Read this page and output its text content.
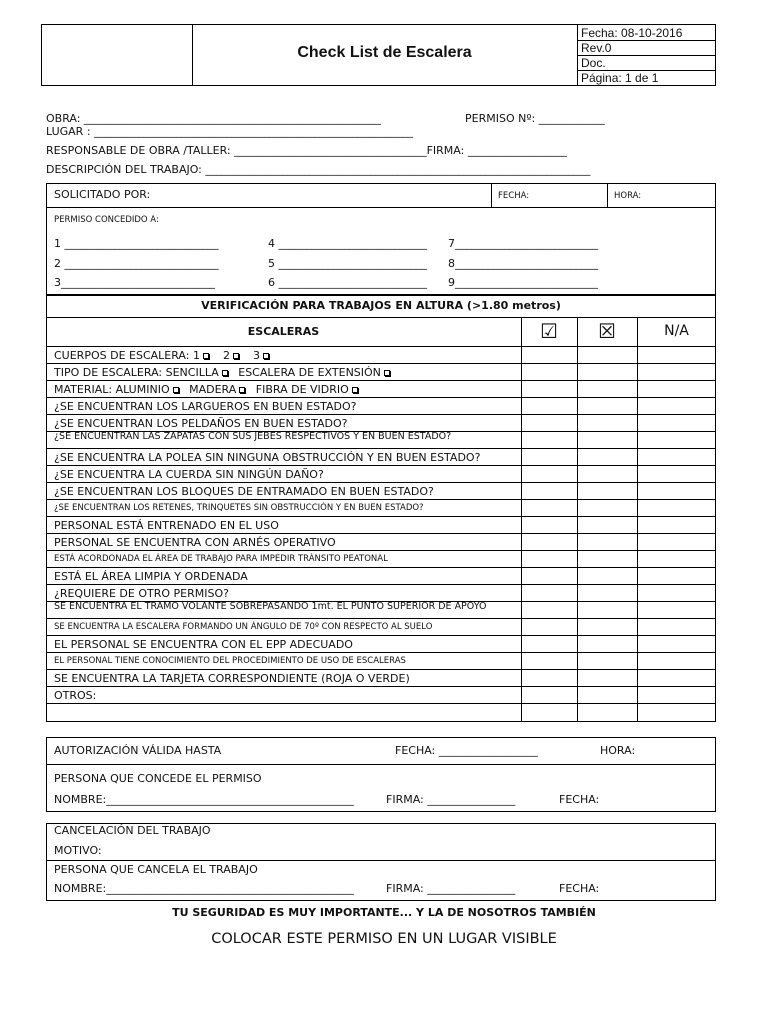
Check List de Escalera
Fecha: 08-10-2016
Rev.0
Doc.
Página: 1 de 1
OBRA: ______________________________________________________	PERMISO Nº: ____________
LUGAR : __________________________________________________________
RESPONSABLE DE OBRA /TALLER: ___________________________________FIRMA: __________________
DESCRIPCIÓN DEL TRABAJO: ______________________________________________________________________
SOLICITADO POR:	FECHA:	HORA:
PERMISO CONCEDIDO A:
1 ____________________________	4 ___________________________ 7__________________________
2 ____________________________	5 ___________________________ 8__________________________
3____________________________	6 ___________________________ 9__________________________
VERIFICACIÓN PARA TRABAJOS EN ALTURA (>1.80 metros)
ESCALERAS	☑	☒	N/A
CUERPOS DE ESCALERA: 1 2 3
TIPO DE ESCALERA: SENCILLA ESCALERA DE EXTENSIÓN
MATERIAL: ALUMINIO MADERA FIBRA DE VIDRIO
¿SE ENCUENTRAN LOS LARGUEROS EN BUEN ESTADO?
¿SE ENCUENTRAN LOS PELDAÑOS EN BUEN ESTADO?
¿SE ENCUENTRAN LAS ZAPATAS CON SUS JEBES RESPECTIVOS Y EN BUEN ESTADO?
¿SE ENCUENTRA LA POLEA SIN NINGUNA OBSTRUCCIÓN Y EN BUEN ESTADO?
¿SE ENCUENTRA LA CUERDA SIN NINGÚN DAÑO?
¿SE ENCUENTRAN LOS BLOQUES DE ENTRAMADO EN BUEN ESTADO?
¿SE ENCUENTRAN LOS RETENES, TRINQUETES SIN OBSTRUCCIÓN Y EN BUEN ESTADO?
PERSONAL ESTÁ ENTRENADO EN EL USO
PERSONAL SE ENCUENTRA CON ARNÉS OPERATIVO
ESTÁ ACORDONADA EL ÁREA DE TRABAJO PARA IMPEDIR TRÁNSITO PEATONAL
ESTÁ EL ÁREA LIMPIA Y ORDENADA
¿REQUIERE DE OTRO PERMISO?
SE ENCUENTRA EL TRAMO VOLANTE SOBREPASANDO 1mt. EL PUNTO SUPERIOR DE APOYO
SE ENCUENTRA LA ESCALERA FORMANDO UN ÁNGULO DE 70º CON RESPECTO AL SUELO
EL PERSONAL SE ENCUENTRA CON EL EPP ADECUADO
EL PERSONAL TIENE CONOCIMIENTO DEL PROCEDIMIENTO DE USO DE ESCALERAS
SE ENCUENTRA LA TARJETA CORRESPONDIENTE (ROJA O VERDE)
OTROS:
AUTORIZACIÓN VÁLIDA HASTA	FECHA: __________________	HORA:
PERSONA QUE CONCEDE EL PERMISO
NOMBRE:_____________________________________________	FIRMA: ________________	FECHA:
CANCELACIÓN DEL TRABAJO
MOTIVO:
PERSONA QUE CANCELA EL TRABAJO
NOMBRE:_____________________________________________	FIRMA: ________________	FECHA:
TU SEGURIDAD ES MUY IMPORTANTE... Y LA DE NOSOTROS TAMBIÉN
COLOCAR ESTE PERMISO EN UN LUGAR VISIBLE
